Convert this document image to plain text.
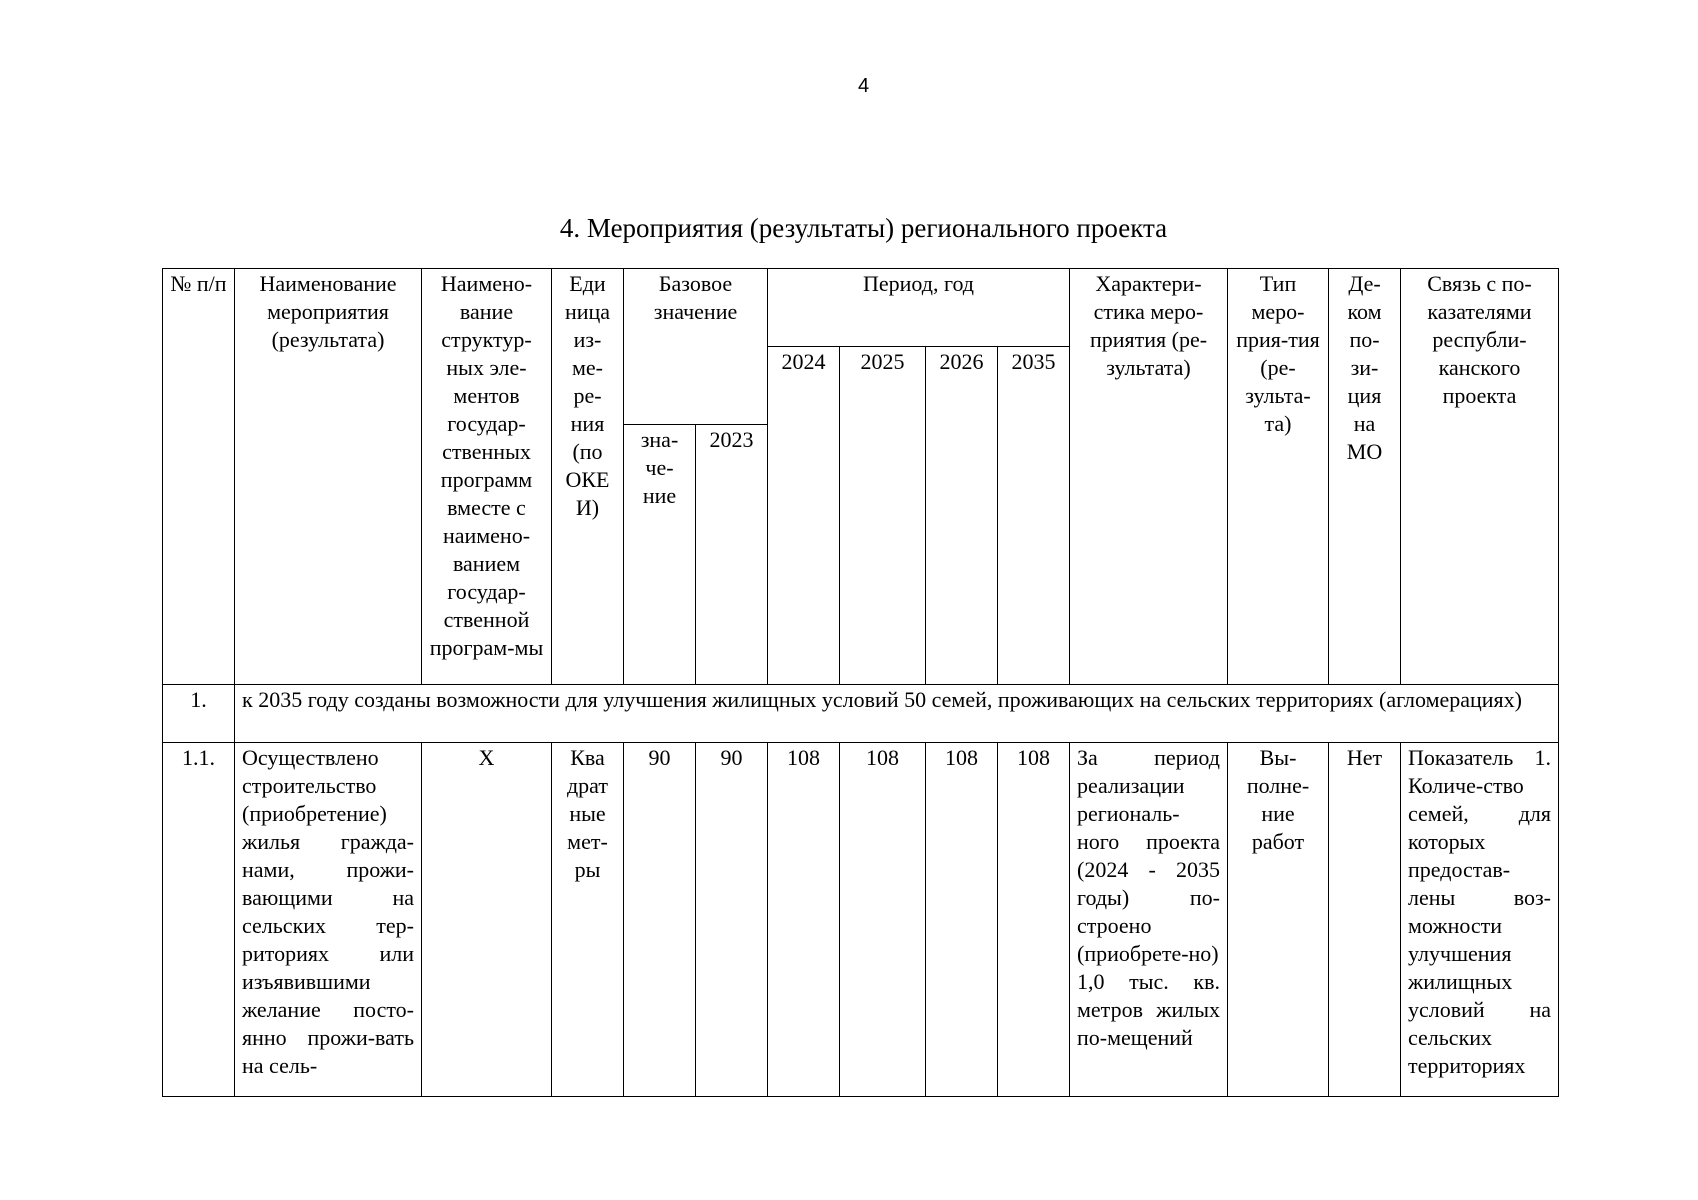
4
4. Мероприятия (результаты) регионального проекта
№ п/п	Наименование мероприятия (результата)	Наимено-вание структур-ных эле-ментов государ-ственных программ вместе с наимено-ванием государ-ственной програм-мы	Еди ница из-ме-ре-ния (по ОКЕ И)	Базовое значение		Период, год				Характери-стика меро-приятия (ре-зультата)	Тип меро-прия-тия (ре-зульта-та)	Де-ком по-зи-ция на МО	Связь с по-казателями республи-канского проекта

						2024	2025	2026	2035				

				зна-че-ние	2023								

1.	к 2035 году созданы возможности для улучшения жилищных условий 50 семей, проживающих на сельских территориях (агломерациях)												

1.1.	Осуществлено строительство (приобретение) жилья гражда-нами, прожи-вающими на сельских тер-риториях или изъявившими желание посто-янно прожи-вать на сель-	Х	Ква драт ные мет-ры	90	90	108	108	108	108	За период реализации региональ-ного проекта (2024 - 2035 годы) по-строено (приобрете-но) 1,0 тыс. кв. метров жилых по-мещений	Вы-полне-ние работ	Нет	Показатель 1. Количе-ство семей, для которых предостав-лены воз-можности улучшения жилищных условий на сельских территориях
